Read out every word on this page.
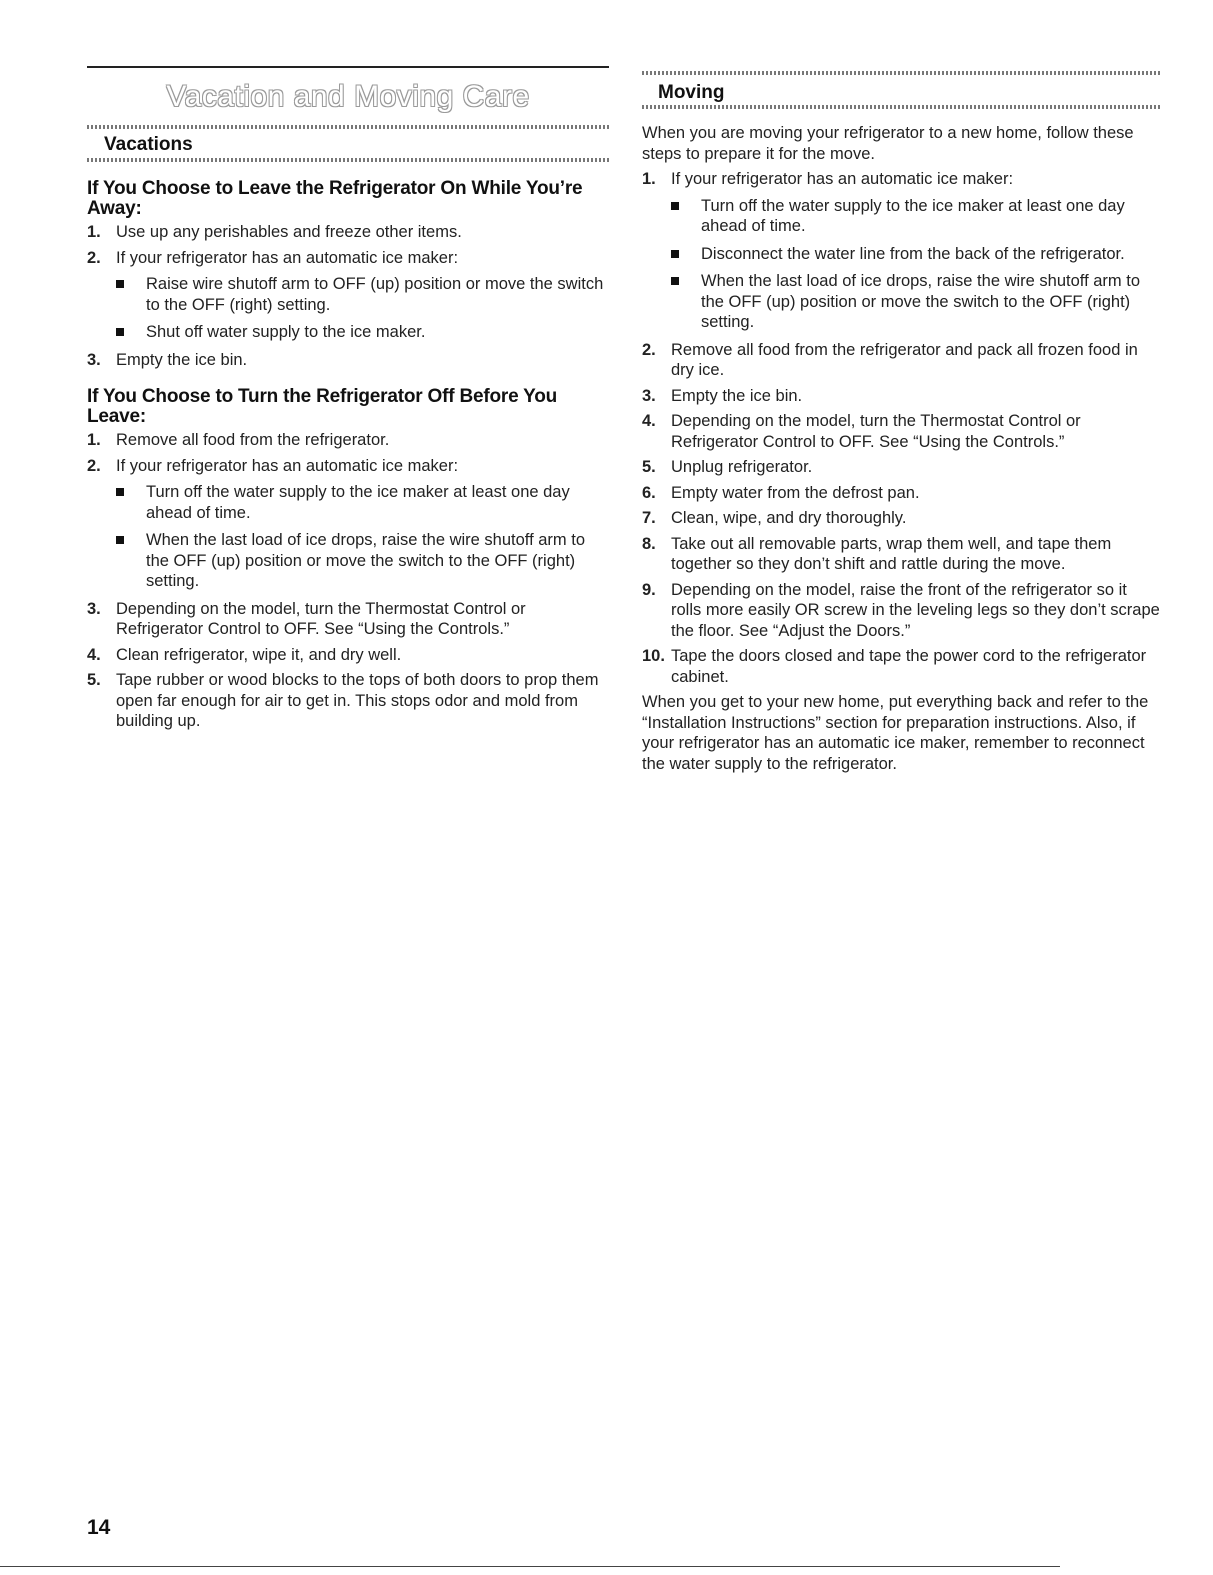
Vacation and Moving Care
Vacations
If You Choose to Leave the Refrigerator On While You’re Away:
1. Use up any perishables and freeze other items.
2. If your refrigerator has an automatic ice maker:
Raise wire shutoff arm to OFF (up) position or move the switch to the OFF (right) setting.
Shut off water supply to the ice maker.
3. Empty the ice bin.
If You Choose to Turn the Refrigerator Off Before You Leave:
1. Remove all food from the refrigerator.
2. If your refrigerator has an automatic ice maker:
Turn off the water supply to the ice maker at least one day ahead of time.
When the last load of ice drops, raise the wire shutoff arm to the OFF (up) position or move the switch to the OFF (right) setting.
3. Depending on the model, turn the Thermostat Control or Refrigerator Control to OFF. See “Using the Controls.”
4. Clean refrigerator, wipe it, and dry well.
5. Tape rubber or wood blocks to the tops of both doors to prop them open far enough for air to get in. This stops odor and mold from building up.
Moving

When you are moving your refrigerator to a new home, follow these steps to prepare it for the move.

1. If your refrigerator has an automatic ice maker:
Turn off the water supply to the ice maker at least one day ahead of time.
Disconnect the water line from the back of the refrigerator.
When the last load of ice drops, raise the wire shutoff arm to the OFF (up) position or move the switch to the OFF (right) setting.
2. Remove all food from the refrigerator and pack all frozen food in dry ice.
3. Empty the ice bin.
4. Depending on the model, turn the Thermostat Control or Refrigerator Control to OFF. See “Using the Controls.”
5. Unplug refrigerator.
6. Empty water from the defrost pan.
7. Clean, wipe, and dry thoroughly.
8. Take out all removable parts, wrap them well, and tape them together so they don’t shift and rattle during the move.
9. Depending on the model, raise the front of the refrigerator so it rolls more easily OR screw in the leveling legs so they don’t scrape the floor. See “Adjust the Doors.”
10. Tape the doors closed and tape the power cord to the refrigerator cabinet.

When you get to your new home, put everything back and refer to the “Installation Instructions” section for preparation instructions. Also, if your refrigerator has an automatic ice maker, remember to reconnect the water supply to the refrigerator.

14
